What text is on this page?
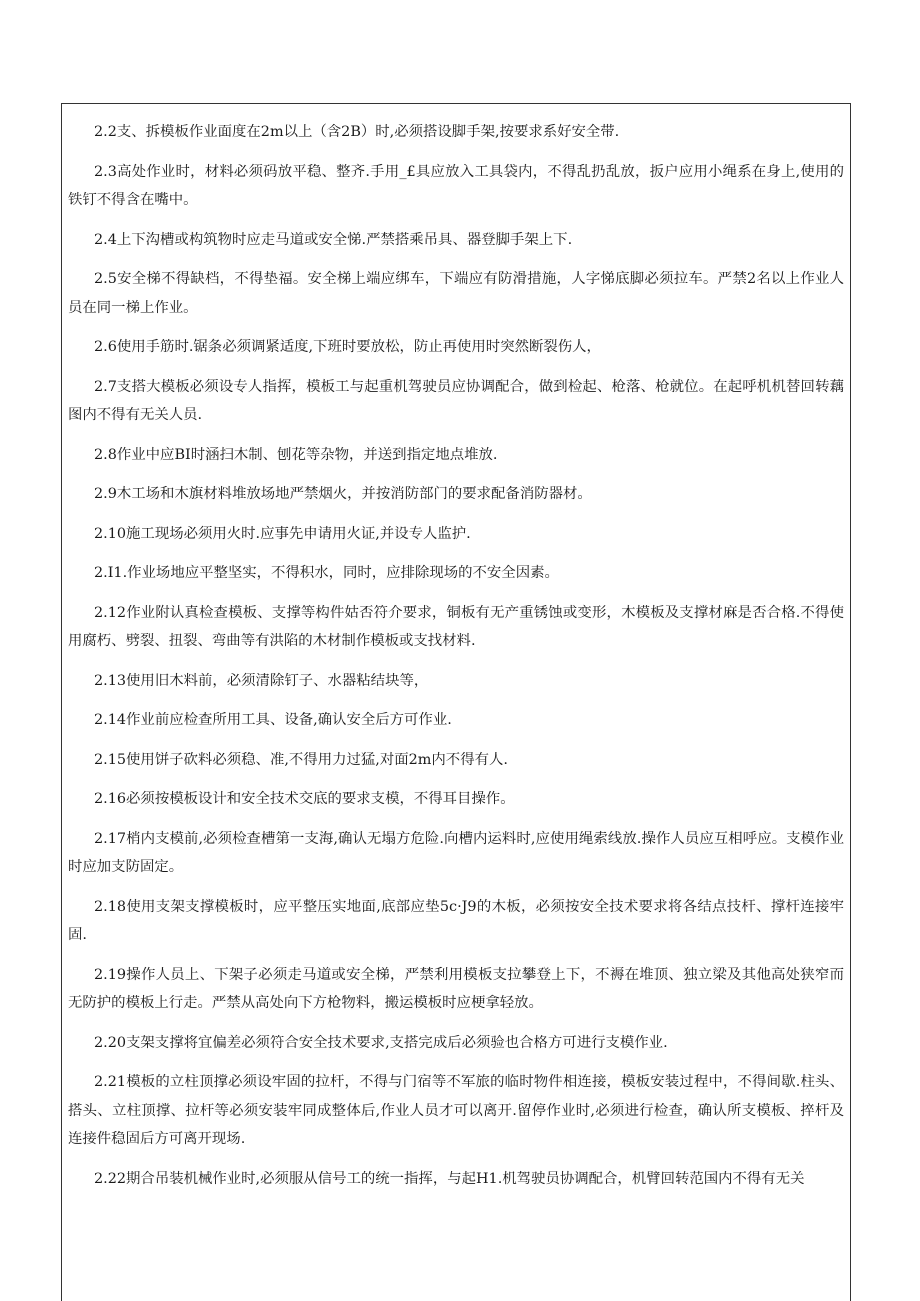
2.2支、拆模板作业面度在2m以上（含2B）时,必须搭设脚手架,按要求系好安全带.

2.3高处作业时，材料必须码放平稳、整齐.手用_£具应放入工具袋内，不得乱扔乱放，扳户应用小绳系在身上,使用的铁钉不得含在嘴中。

2.4上下沟槽或构筑物时应走马道或安全悌.严禁搭乘吊具、器登脚手架上下.

2.5安全梯不得缺档，不得垫福。安全梯上端应绑车，下端应有防滑措施，人字悌底脚必须拉车。严禁2名以上作业人员在同一梯上作业。

2.6使用手筋时.锯条必须调紧适度,下班时要放松，防止再使用时突然断裂伤人，

2.7支搭大模板必须设专人指挥，模板工与起重机驾驶员应协调配合，做到检起、枪落、枪就位。在起呼机机替回转藕图内不得有无关人员.

2.8作业中应BI时涵扫木制、刨花等杂物，并送到指定地点堆放.

2.9木工场和木旗材料堆放场地严禁烟火，并按消防部门的要求配备消防器材。

2.10施工现场必须用火时.应事先申请用火证,并设专人监护.

2.I1.作业场地应平整坚实，不得积水，同时，应排除现场的不安全因素。

2.12作业附认真检查模板、支撑等构件姑否符介要求，铜板有无产重锈蚀或变形，木模板及支撑材麻是否合格.不得使用腐朽、劈裂、扭裂、弯曲等有洪陷的木材制作模板或支找材料.

2.13使用旧木料前，必须清除钉子、水器粘结块等，

2.14作业前应检查所用工具、设备,确认安全后方可作业.

2.15使用饼子砍料必须稳、准,不得用力过猛,对面2m内不得有人.

2.16必须按模板设计和安全技术交底的要求支模，不得耳目操作。

2.17梢内支模前,必须检查槽第一支海,确认无塌方危险.向槽内运料时,应使用绳索线放.操作人员应互相呼应。支模作业时应加支防固定。

2.18使用支架支撑模板时，应平整压实地面,底部应垫5c·J9的木板，必须按安全技术要求将各结点技杆、撑杆连接牢固.

2.19操作人员上、下架子必须走马道或安全梯，严禁利用模板支拉攀登上下，不褥在堆顶、独立梁及其他高处狭窄而无防护的模板上行走。严禁从高处向下方枪物料，搬运模板时应梗拿轻放。

2.20支架支撑将宜偏差必须符合安全技术要求,支搭完成后必须验也合格方可进行支模作业.

2.21模板的立柱顶撑必须设牢固的拉杆，不得与门宿等不军旅的临时物件相连接，模板安装过程中，不得间歇.柱头、搭头、立柱顶撑、拉杆等必须安装牢同成整体后,作业人员才可以离开.留停作业时,必须进行检查，确认所支模板、捽杆及连接件稳固后方可离开现场.

2.22期合吊装机械作业时,必须服从信号工的统一指挥，与起H1.机驾驶员协调配合，机臂回转范国内不得有无关
